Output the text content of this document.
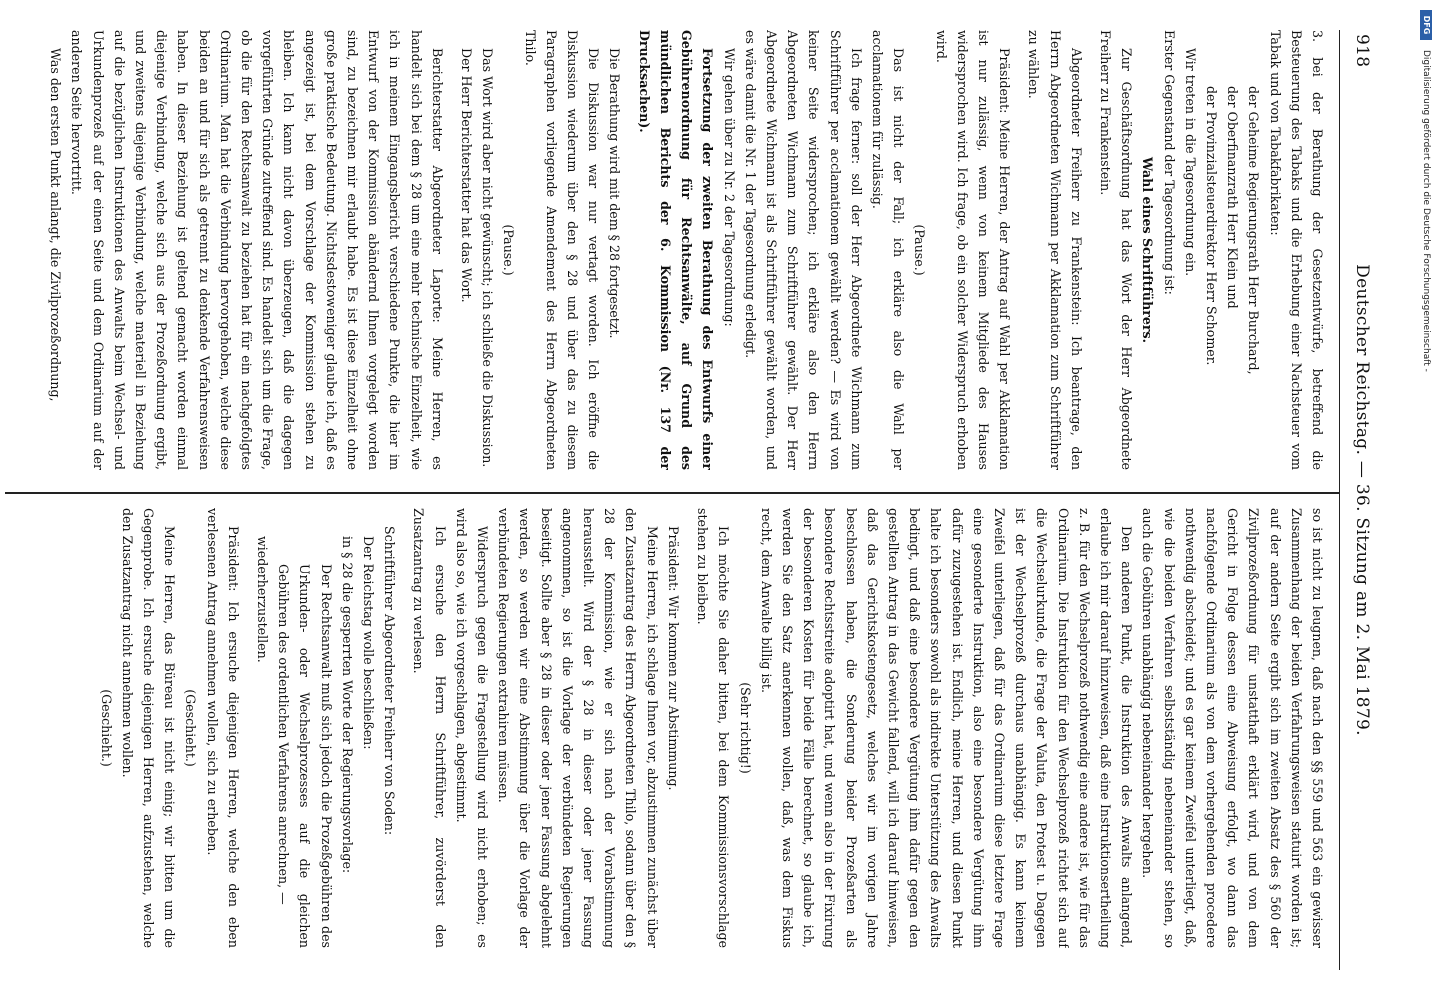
918
Deutscher Reichstag. — 36. Sitzung am 2. Mai 1879.

3. bei der Berathung der Gesetzentwürfe, betreffend die Besteuerung des Tabaks und die Erhebung einer Nachsteuer vom Tabak und von Tabakfabrikaten:

der Geheime Regierungsrath Herr Burchard,

der Oberfinanzrath Herr Klein und

der Provinzialsteuerdirektor Herr Schomer.

Wir treten in die Tagesordnung ein.

Erster Gegenstand der Tagesordnung ist:

Wahl eines Schriftführers.

Zur Geschäftsordnung hat das Wort der Herr Abgeordnete Freiherr zu Frankenstein.

Abgeordneter Freiherr zu Frankenstein: Ich beantrage, den Herrn Abgeordneten Wichmann per Akklamation zum Schriftführer zu wählen.

Präsident: Meine Herren, der Antrag auf Wahl per Akklamation ist nur zulässig, wenn von keinem Mitgliede des Hauses widersprochen wird. Ich frage, ob ein solcher Widerspruch erhoben wird.

(Pause.)

Das ist nicht der Fall; ich erkläre also die Wahl per acclamationem für zulässig.

Ich frage ferner: soll der Herr Abgeordnete Wichmann zum Schriftführer per acclamationem gewählt werden? — Es wird von keiner Seite widersprochen; ich erkläre also den Herrn Abgeordneten Wichmann zum Schriftführer gewählt. Der Herr Abgeordnete Wichmann ist als Schriftführer gewählt worden, und es wäre damit die Nr. 1 der Tagesordnung erledigt.

Wir gehen über zu Nr. 2 der Tagesordnung:

Fortsetzung der zweiten Berathung des Entwurfs einer Gebührenordnung für Rechtsanwälte, auf Grund des mündlichen Berichts der 6. Kommission (Nr. 137 der Drucksachen).

Die Berathung wird mit dem § 28 fortgesetzt.

Die Diskussion war nur vertagt worden. Ich eröffne die Diskussion wiederum über den § 28 und über das zu diesem Paragraphen vorliegende Amendement des Herrn Abgeordneten Thilo.

(Pause.)

Das Wort wird aber nicht gewünscht; ich schließe die Diskussion.

Der Herr Berichterstatter hat das Wort.

Berichterstatter Abgeordneter Laporte: Meine Herren, es handelt sich bei dem § 28 um eine mehr technische Einzelheit, wie ich in meinem Eingangsbericht verschiedene Punkte, die hier im Entwurf von der Kommission abändernd Ihnen vorgelegt worden sind, zu bezeichnen mir erlaubt habe. Es ist diese Einzelheit ohne große praktische Bedeutung. Nichtsdestoweniger glaube ich, daß es angezeigt ist, bei dem Vorschlage der Kommission stehen zu bleiben. Ich kann nicht davon überzeugen, daß die dagegen vorgeführten Gründe zutreffend sind. Es handelt sich um die Frage, ob die für den Rechtsanwalt zu beziehen hat für ein nachgefolgtes Ordinarium. Man hat die Verbindung hervorgehoben, welche diese beiden an und für sich als getrennt zu denkende Verfahrensweisen haben. In dieser Beziehung ist geltend gemacht worden einmal diejenige Verbindung, welche sich aus der Prozeßordnung ergibt, und zweitens diejenige Verbindung, welche materiell in Beziehung auf die bezüglichen Instruktionen des Anwalts beim Wechsel- und Urkundenprozeß auf der einen Seite und dem Ordinarium auf der anderen Seite hervortritt.

Was den ersten Punkt anlangt, die Zivilprozeßordnung,

so ist nicht zu leugnen, daß nach den §§ 559 und 563 ein gewisser Zusammenhang der beiden Verfahrungsweisen statuirt worden ist; auf der andern Seite ergibt sich im zweiten Absatz des § 560 der Zivilprozeßordnung für unstatthaft erklärt wird, und von dem Gericht in Folge dessen eine Abweisung erfolgt, wo dann das nachfolgende Ordinarium als von dem vorhergehenden procedere nothwendig abscheidet; und es gar keinem Zweifel unterliegt, daß, wie die beiden Verfahren selbstständig nebeneinander stehen, so auch die Gebühren unabhängig nebeneinander hergehen.

Den anderen Punkt, die Instruktion des Anwalts anlangend, erlaube ich mir darauf hinzuweisen, daß eine Instruktionsertheilung z. B. für den Wechselprozeß nothwendig eine andere ist, wie für das Ordinarium. Die Instruktion für den Wechselprozeß richtet sich auf die Wechselurkunde, die Frage der Valuta, den Protest u. Dagegen ist der Wechselprozeß durchaus unabhängig. Es kann keinem Zweifel unterliegen, daß für das Ordinarium diese letztere Frage eine gesonderte Instruktion, also eine besondere Vergütung ihm dafür zuzugestehen ist. Endlich, meine Herren, und diesen Punkt halte ich besonders sowohl als indirekte Unterstützung des Anwalts bedingt, und daß eine besondere Vergütung ihm dafür gegen den gestellten Antrag in das Gewicht fallend, will ich darauf hinweisen, daß das Gerichtskostengesetz, welches wir im vorigen Jahre beschlossen haben, die Sonderung beider Prozeßarten als besondere Rechtsstreite adoptirt hat, und wenn also in der Fixirung der besonderen Kosten für beide Fälle berechnet, so glaube ich, werden Sie den Satz anerkennen wollen, daß, was dem Fiskus recht, dem Anwalte billig ist.

(Sehr richtig!)

Ich möchte Sie daher bitten, bei dem Kommissionsvorschlage stehen zu bleiben.

Präsident: Wir kommen zur Abstimmung.

Meine Herren, ich schlage Ihnen vor, abzustimmen zunächst über den Zusatzantrag des Herrn Abgeordneten Thilo, sodann über den § 28 der Kommission, wie er sich nach der Vorabstimmung herausstellt. Wird der § 28 in dieser oder jener Fassung angenommen, so ist die Vorlage der verbündeten Regierungen beseitigt. Sollte aber § 28 in dieser oder jener Fassung abgelehnt werden, so werden wir eine Abstimmung über die Vorlage der verbündeten Regierungen extrahiren müssen.

Widerspruch gegen die Fragestellung wird nicht erhoben; es wird also so, wie ich vorgeschlagen, abgestimmt.

Ich ersuche den Herrn Schriftführer, zuvörderst den Zusatzantrag zu verlesen.

Schriftführer Abgeordneter Freiherr von Soden:

Der Reichstag wolle beschließen:

in § 28 die gesperrten Worte der Regierungsvorlage:

Der Rechtsanwalt muß sich jedoch die Prozeßgebühren des Urkunden- oder Wechselprozesses auf die gleichen Gebühren des ordentlichen Verfahrens anrechnen, —

wiederherzustellen.

Präsident: Ich ersuche diejenigen Herren, welche den eben verlesenen Antrag annehmen wollen, sich zu erheben.

(Geschieht.)

Meine Herren, das Büreau ist nicht einig; wir bitten um die Gegenprobe. Ich ersuche diejenigen Herren, aufzustehen, welche den Zusatzantrag nicht annehmen wollen.

(Geschieht.)

Digitalisierung gefördert durch die Deutsche Forschungsgemeinschaft -
DFG
